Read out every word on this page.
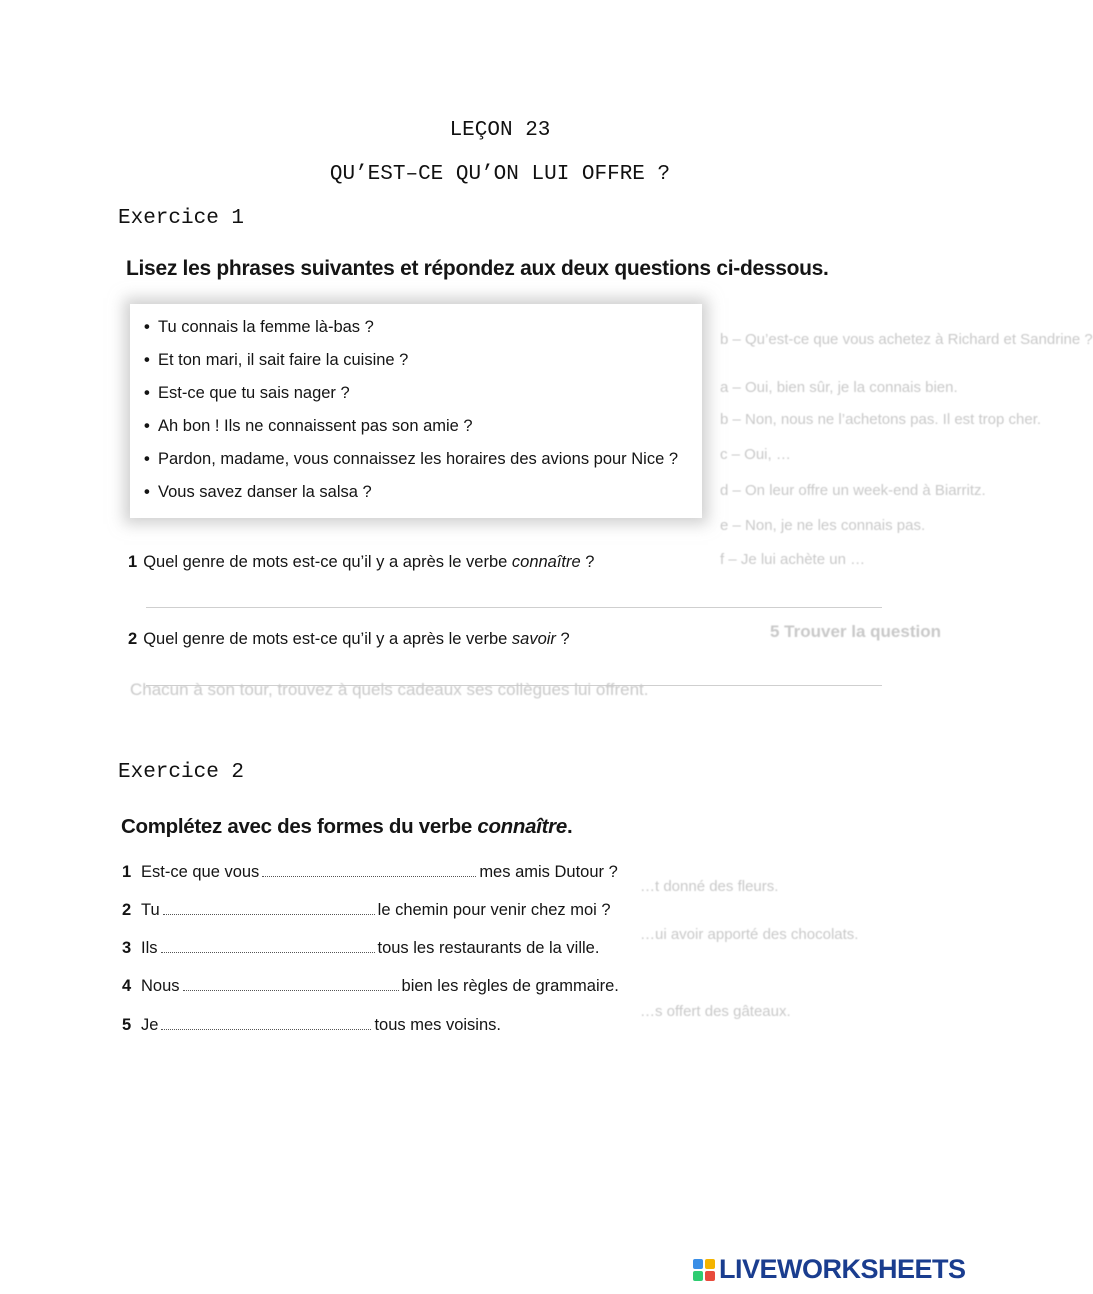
LEÇON 23
QU’EST–CE QU’ON LUI OFFRE ?
Exercice 1
Lisez les phrases suivantes et répondez aux deux questions ci-dessous.
b – Qu’est-ce que vous achetez à Richard et Sandrine ?
a – Oui, bien sûr, je la connais bien.
b – Non, nous ne l’achetons pas. Il est trop cher.
c – Oui, …
d – On leur offre un week-end à Biarritz.
e – Non, je ne les connais pas.
f – Je lui achète un …
5 Trouver la question
Chacun à son tour, trouvez à quels cadeaux ses collègues lui offrent.
…t donné des fleurs.
…ui avoir apporté des chocolats.
…s offert des gâteaux.
• Tu connais la femme là-bas ?
• Et ton mari, il sait faire la cuisine ?
• Est-ce que tu sais nager ?
• Ah bon ! Ils ne connaissent pas son amie ?
• Pardon, madame, vous connaissez les horaires des avions pour Nice ?
• Vous savez danser la salsa ?
1 Quel genre de mots est-ce qu’il y a après le verbe connaître ?
2 Quel genre de mots est-ce qu’il y a après le verbe savoir ?
Exercice 2
Complétez avec des formes du verbe connaître.
1 Est-ce que vous	mes amis Dutour ?
2 Tu	le chemin pour venir chez moi ?
3 Ils	tous les restaurants de la ville.
4 Nous	bien les règles de grammaire.
5 Je	tous mes voisins.
LIVEWORKSHEETS
